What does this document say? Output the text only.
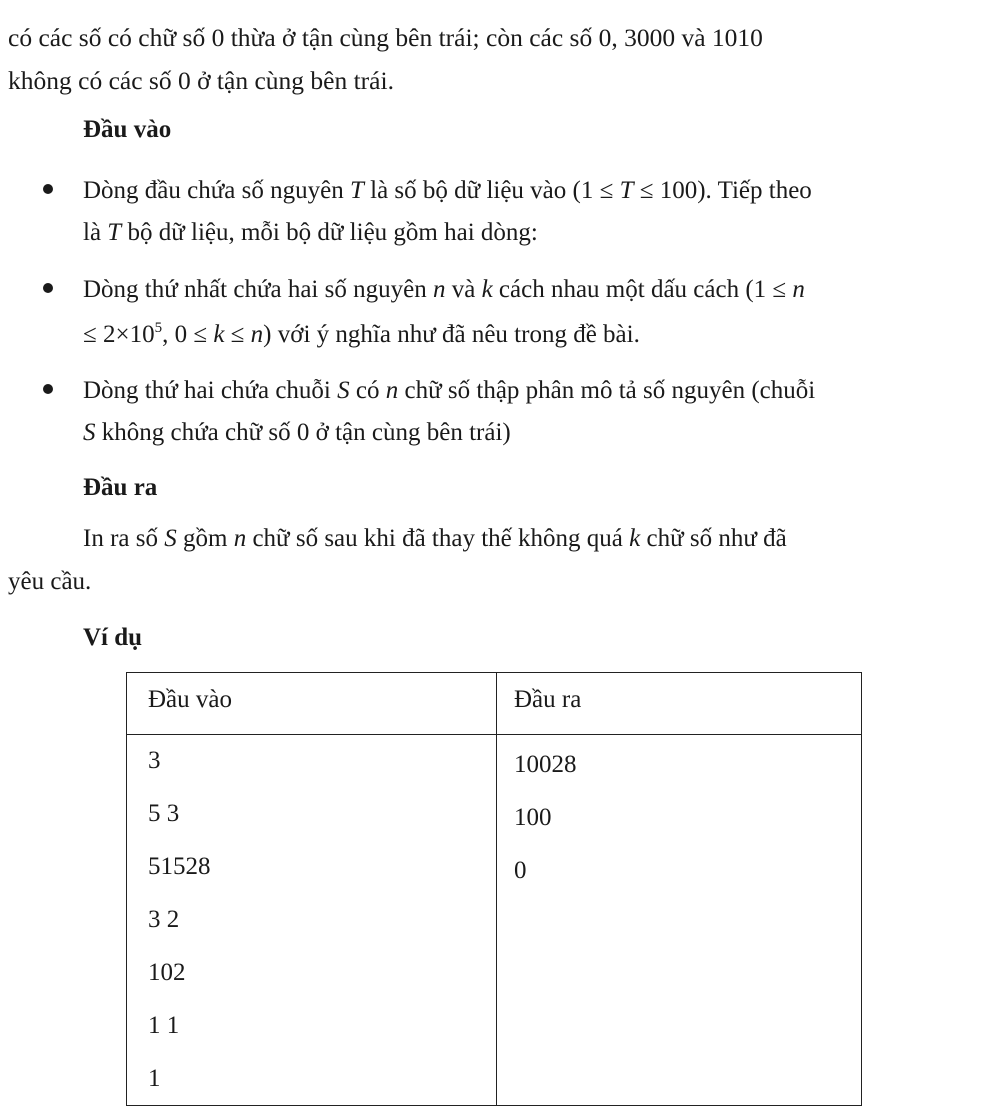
có các số có chữ số 0 thừa ở tận cùng bên trái; còn các số 0, 3000 và 1010
không có các số 0 ở tận cùng bên trái.
Đầu vào
Dòng đầu chứa số nguyên T là số bộ dữ liệu vào (1 ≤ T ≤ 100). Tiếp theo
là T bộ dữ liệu, mỗi bộ dữ liệu gồm hai dòng:
Dòng thứ nhất chứa hai số nguyên n và k cách nhau một dấu cách (1 ≤ n
≤ $2\times 10^5$, 0 ≤ k ≤ n) với ý nghĩa như đã nêu trong đề bài.
Dòng thứ hai chứa chuỗi S có n chữ số thập phân mô tả số nguyên (chuỗi
S không chứa chữ số 0 ở tận cùng bên trái)
Đầu ra
In ra số S gồm n chữ số sau khi đã thay thế không quá k chữ số như đã
yêu cầu.
Ví dụ
Đầu vào	Đầu ra
3
5 3
51528
3 2
102
1 1
1
10028
100
0
